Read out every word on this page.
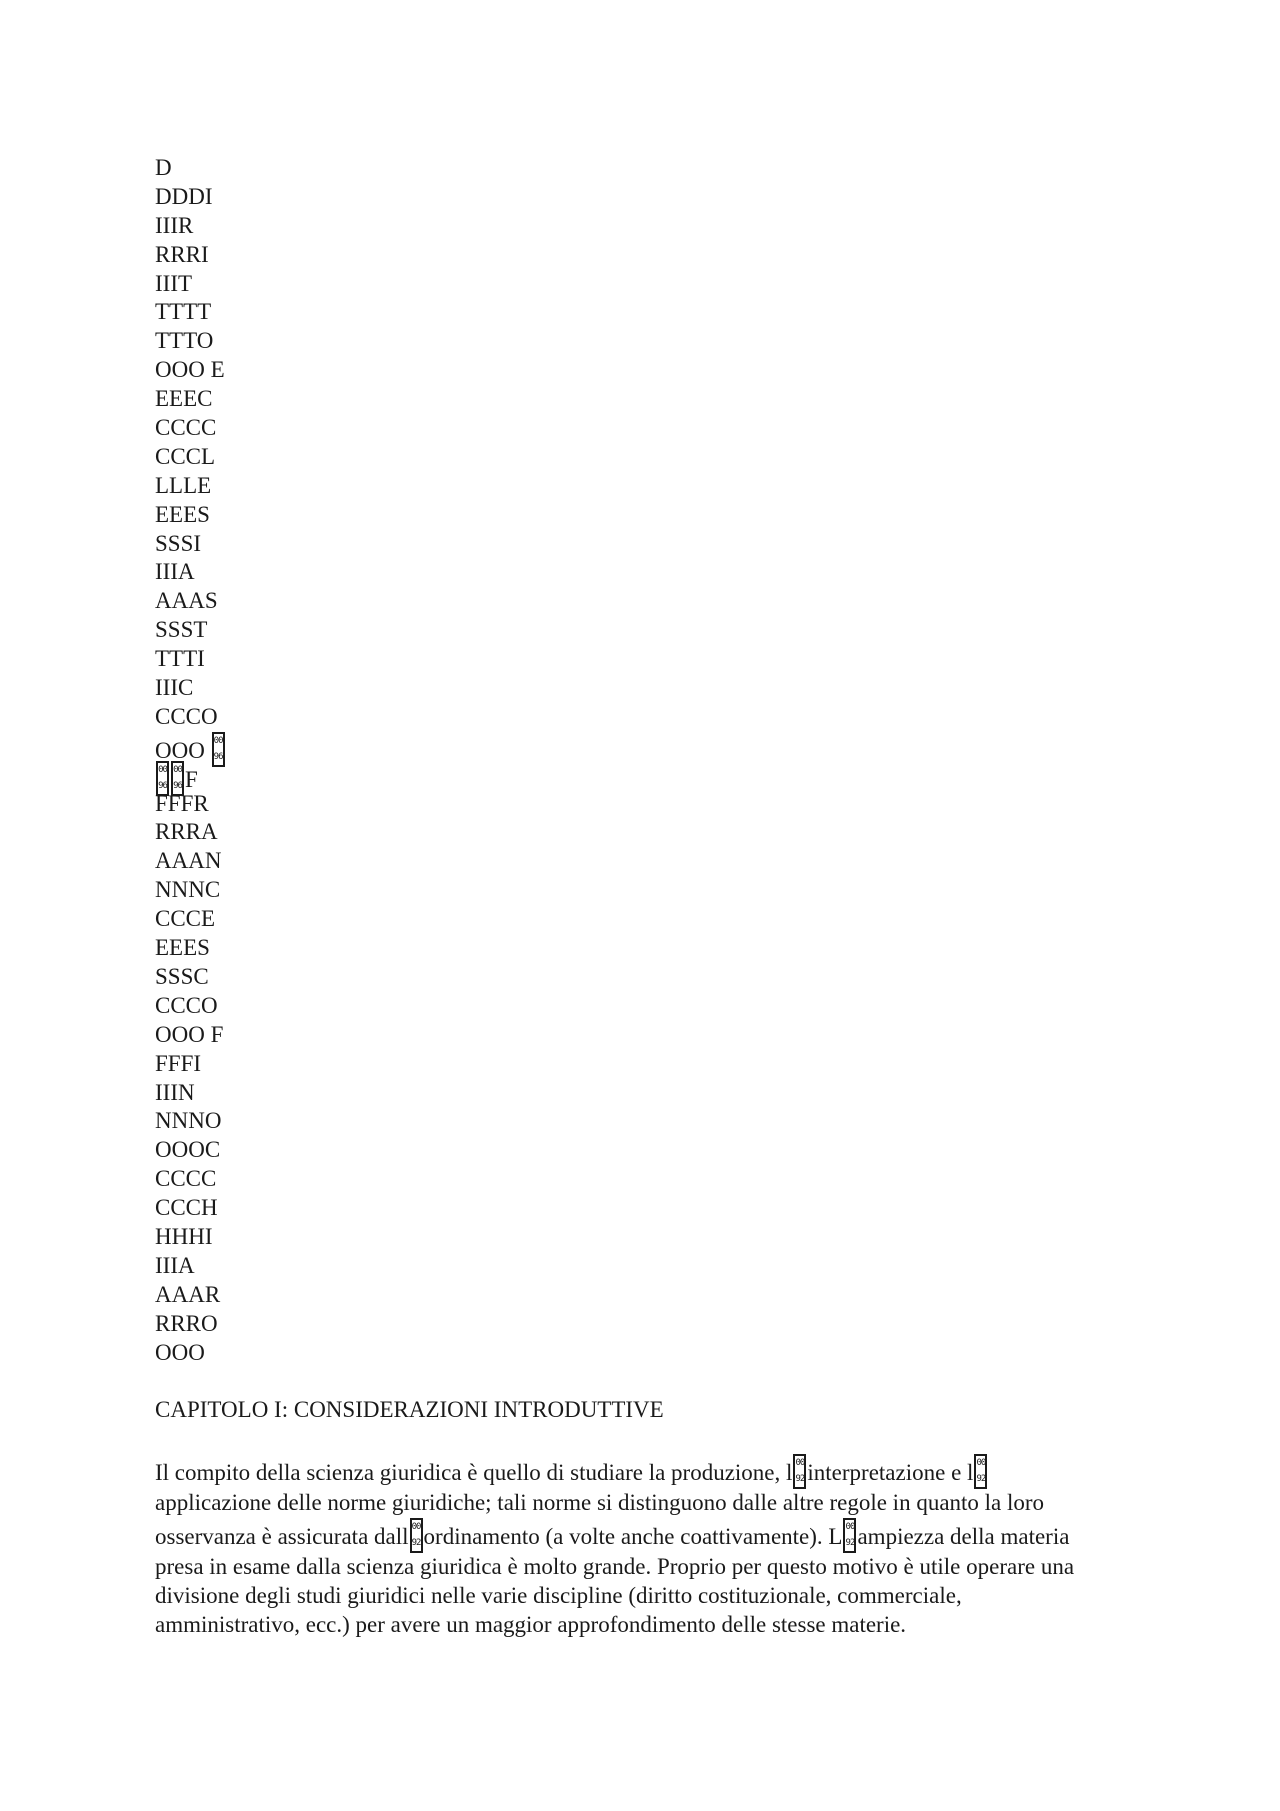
D
DDDI
IIIR
RRRI
IIIT
TTTT
TTTO
OOO E
EEEC
CCCC
CCCL
LLLE
EEES
SSSI
IIIA
AAAS
SSST
TTTI
IIIC
CCCO
OOO 00  96
00  9600  96F
FFFR
RRRA
AAAN
NNNC
CCCE
EEES
SSSC
CCCO
OOO F
FFFI
IIIN
NNNO
OOOC
CCCC
CCCH
HHHI
IIIA
AAAR
RRRO
OOO
CAPITOLO I: CONSIDERAZIONI INTRODUTTIVE

Il compito della scienza giuridica è quello di studiare la produzione, l 00 92 interpretazione e l00 92applicazione delle norme giuridiche; tali norme si distinguono dalle altre regole in quanto la loro osservanza è assicurata dall 00 92 ordinamento (a volte anche coattivamente). L 00 92 ampiezza della materia presa in esame dalla scienza giuridica è molto grande. Proprio per questo motivo è utile operare una divisione degli studi giuridici nelle varie discipline (diritto costituzionale, commerciale, amministrativo, ecc.) per avere un maggior approfondimento delle stesse materie.
